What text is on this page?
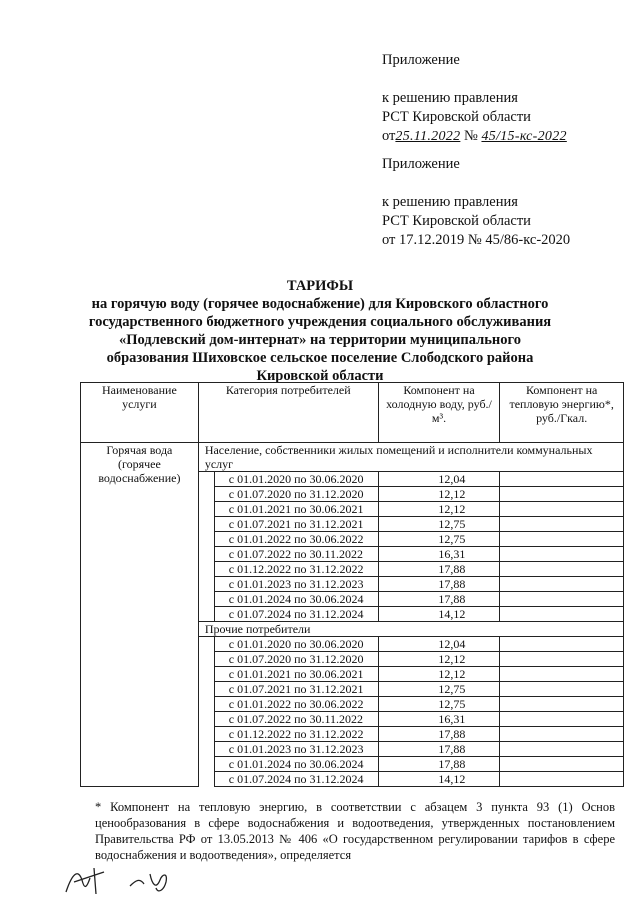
Приложение
к решению правления
РСТ Кировской области
от25.11.2022 № 45/15-кс-2022
Приложение
к решению правления
РСТ Кировской области
от 17.12.2019 № 45/86-кс-2020
ТАРИФЫ
на горячую воду (горячее водоснабжение) для Кировского областного
государственного бюджетного учреждения социального обслуживания
«Подлевский дом-интернат» на территории муниципального
образования Шиховское сельское поселение Слободского района
Кировской области
Наименование услуги	Категория потребителей		Компонент на холодную воду, руб./м³.	Компонент на тепловую энергию*, руб./Гкал.
Горячая вода (горячее водоснабжение)	Население, собственники жилых помещений и исполнители коммунальных услуг			
		с 01.01.2020 по 30.06.2020	12,04	
		с 01.07.2020 по 31.12.2020	12,12	
		с 01.01.2021 по 30.06.2021	12,12	
		с 01.07.2021 по 31.12.2021	12,75	
		с 01.01.2022 по 30.06.2022	12,75	
		с 01.07.2022 по 30.11.2022	16,31	
		с 01.12.2022 по 31.12.2022	17,88	
		с 01.01.2023 по 31.12.2023	17,88	
		с 01.01.2024 по 30.06.2024	17,88	
		с 01.07.2024 по 31.12.2024	14,12	
	Прочие потребители			
		с 01.01.2020 по 30.06.2020	12,04	
		с 01.07.2020 по 31.12.2020	12,12	
		с 01.01.2021 по 30.06.2021	12,12	
		с 01.07.2021 по 31.12.2021	12,75	
		с 01.01.2022 по 30.06.2022	12,75	
		с 01.07.2022 по 30.11.2022	16,31	
		с 01.12.2022 по 31.12.2022	17,88	
		с 01.01.2023 по 31.12.2023	17,88	
		с 01.01.2024 по 30.06.2024	17,88	
		с 01.07.2024 по 31.12.2024	14,12	
* Компонент на тепловую энергию, в соответствии с абзацем 3 пункта 93 (1) Основ ценообразования в сфере водоснабжения и водоотведения, утвержденных постановлением Правительства РФ от 13.05.2013 № 406 «О государственном регулировании тарифов в сфере водоснабжения и водоотведения», определяется
